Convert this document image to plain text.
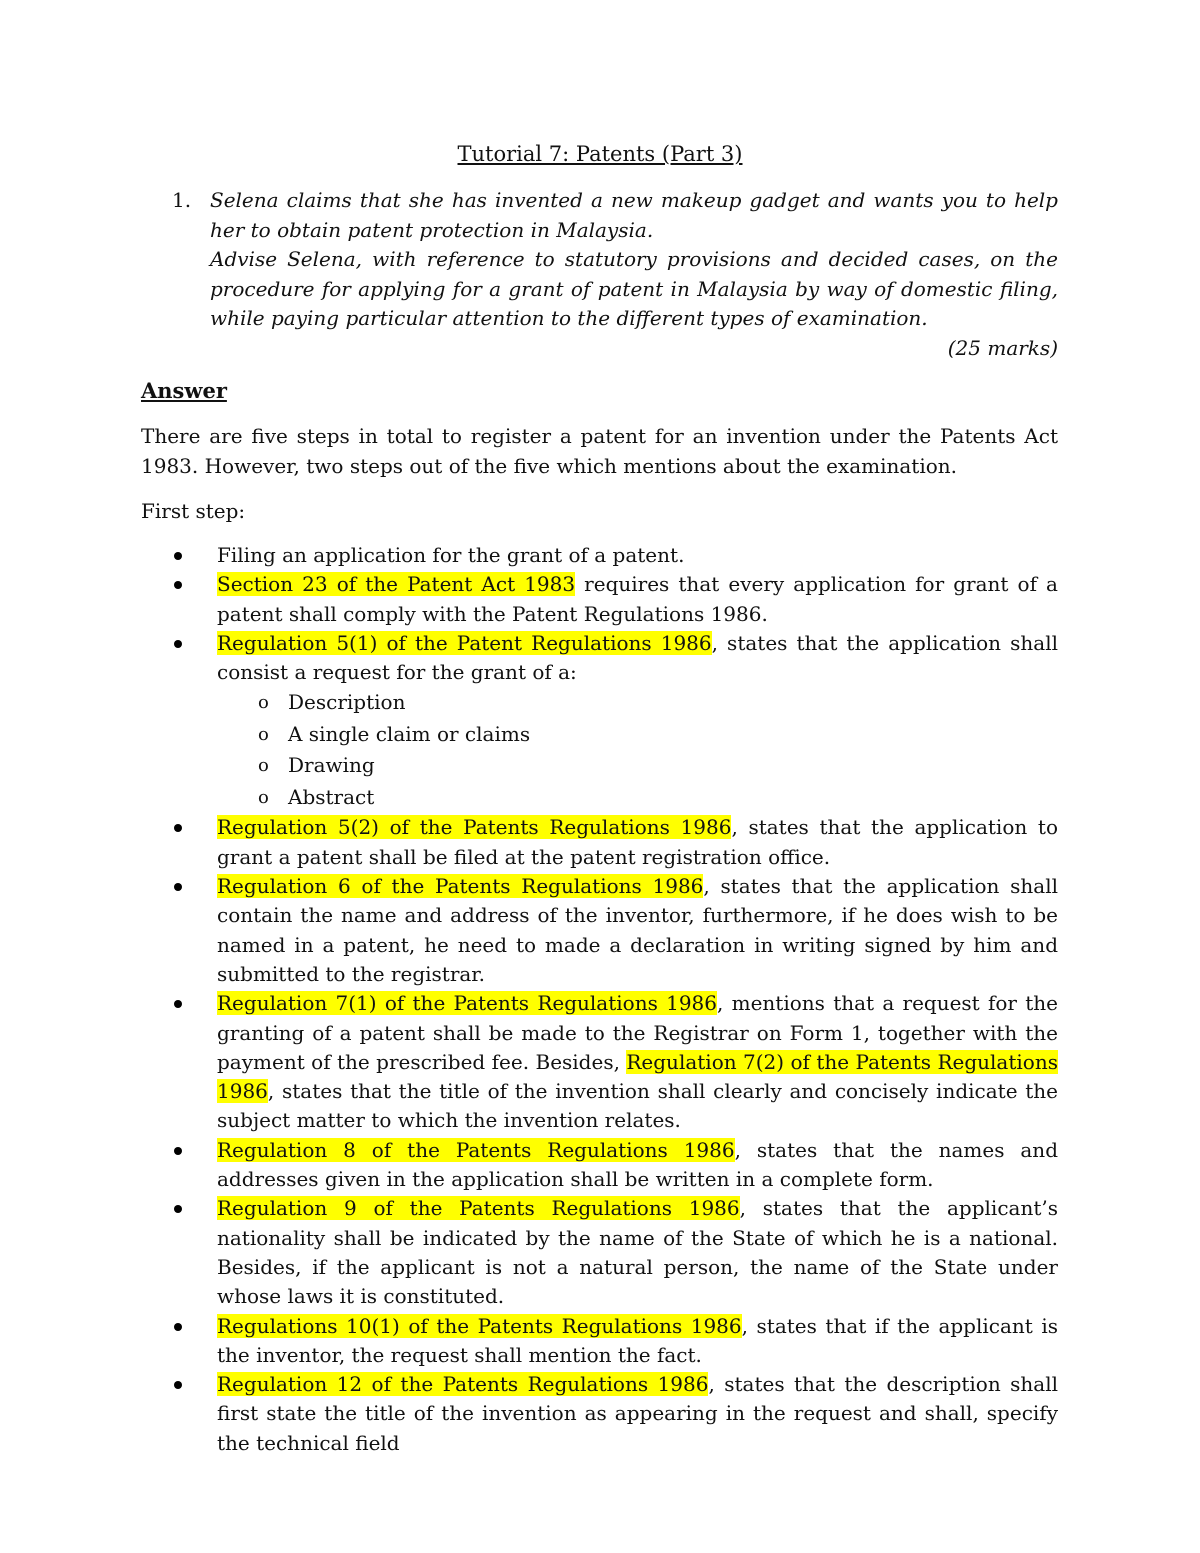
Tutorial 7: Patents (Part 3)
1. Selena claims that she has invented a new makeup gadget and wants you to help her to obtain patent protection in Malaysia.
Advise Selena, with reference to statutory provisions and decided cases, on the procedure for applying for a grant of patent in Malaysia by way of domestic filing, while paying particular attention to the different types of examination.
(25 marks)
Answer
There are five steps in total to register a patent for an invention under the Patents Act 1983. However, two steps out of the five which mentions about the examination.
First step:
Filing an application for the grant of a patent.
Section 23 of the Patent Act 1983 requires that every application for grant of a patent shall comply with the Patent Regulations 1986.
Regulation 5(1) of the Patent Regulations 1986, states that the application shall consist a request for the grant of a:
o Description
o A single claim or claims
o Drawing
o Abstract
Regulation 5(2) of the Patents Regulations 1986, states that the application to grant a patent shall be filed at the patent registration office.
Regulation 6 of the Patents Regulations 1986, states that the application shall contain the name and address of the inventor, furthermore, if he does wish to be named in a patent, he need to made a declaration in writing signed by him and submitted to the registrar.
Regulation 7(1) of the Patents Regulations 1986, mentions that a request for the granting of a patent shall be made to the Registrar on Form 1, together with the payment of the prescribed fee. Besides, Regulation 7(2) of the Patents Regulations 1986, states that the title of the invention shall clearly and concisely indicate the subject matter to which the invention relates.
Regulation 8 of the Patents Regulations 1986, states that the names and addresses given in the application shall be written in a complete form.
Regulation 9 of the Patents Regulations 1986, states that the applicant’s nationality shall be indicated by the name of the State of which he is a national. Besides, if the applicant is not a natural person, the name of the State under whose laws it is constituted.
Regulations 10(1) of the Patents Regulations 1986, states that if the applicant is the inventor, the request shall mention the fact.
Regulation 12 of the Patents Regulations 1986, states that the description shall first state the title of the invention as appearing in the request and shall, specify the technical field
